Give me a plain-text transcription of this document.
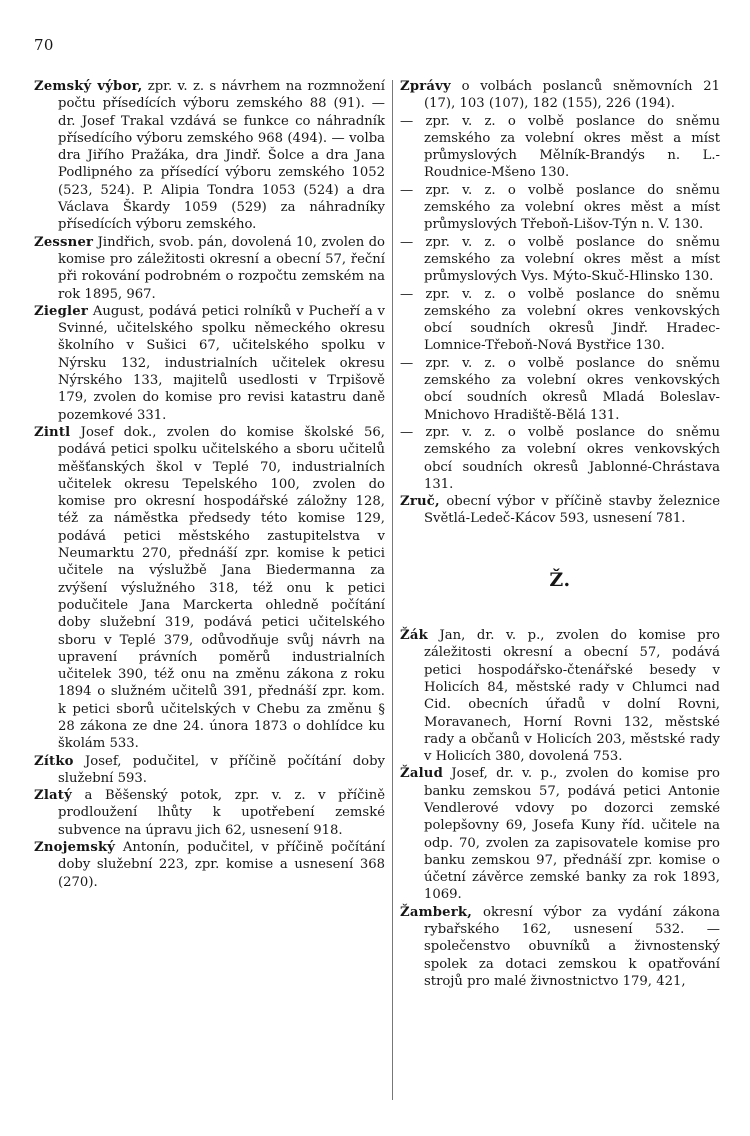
70

Zemský výbor, zpr. v. z. s návrhem na rozmnožení počtu přísedících výboru zemského 88 (91). — dr. Josef Trakal vzdává se funkce co náhradník přísedícího výboru zemského 968 (494). — volba dra Jiřího Pražáka, dra Jindř. Šolce a dra Jana Podlipného za přísedící výboru zemského 1052 (523, 524). P. Alipia Tondra 1053 (524) a dra Václava Škardy 1059 (529) za náhradníky přísedících výboru zemského.

Zessner Jindřich, svob. pán, dovolená 10, zvolen do komise pro záležitosti okresní a obecní 57, řeční při rokování podrobném o rozpočtu zemském na rok 1895, 967.

Ziegler August, podává petici rolníků v Pucheří a v Svinné, učitelského spolku německého okresu školního v Sušici 67, učitelského spolku v Nýrsku 132, industrialních učitelek okresu Nýrského 133, majitelů usedlosti v Trpišově 179, zvolen do komise pro revisi katastru daně pozemkové 331.

Zintl Josef dok., zvolen do komise školské 56, podává petici spolku učitelského a sboru učitelů měšťanských škol v Teplé 70, industrialních učitelek okresu Tepelského 100, zvolen do komise pro okresní hospodářské záložny 128, též za náměstka předsedy této komise 129, podává petici městského zastupitelstva v Neumarktu 270, přednáší zpr. komise k petici učitele na výslužbě Jana Biedermanna za zvýšení výslužného 318, též onu k petici podučitele Jana Marckerta ohledně počítání doby služební 319, podává petici učitelského sboru v Teplé 379, odůvodňuje svůj návrh na upravení právních poměrů industrialních učitelek 390, též onu na změnu zákona z roku 1894 o služném učitelů 391, přednáší zpr. kom. k petici sborů učitelských v Chebu za změnu § 28 zákona ze dne 24. února 1873 o dohlídce ku školám 533.

Zítko Josef, podučitel, v příčině počítání doby služební 593.

Zlatý a Běšenský potok, zpr. v. z. v příčině prodloužení lhůty k upotřebení zemské subvence na úpravu jich 62, usnesení 918.

Znojemský Antonín, podučitel, v příčině počítání doby služební 223, zpr. komise a usnesení 368 (270).

Zprávy o volbách poslanců sněmovních 21 (17), 103 (107), 182 (155), 226 (194).

— zpr. v. z. o volbě poslance do sněmu zemského za volební okres měst a míst průmyslových Mělník-Brandýs n. L.-Roudnice-Mšeno 130.

— zpr. v. z. o volbě poslance do sněmu zemského za volební okres měst a míst průmyslových Třeboň-Lišov-Týn n. V. 130.

— zpr. v. z. o volbě poslance do sněmu zemského za volební okres měst a míst průmyslových Vys. Mýto-Skuč-Hlinsko 130.

— zpr. v. z. o volbě poslance do sněmu zemského za volební okres venkovských obcí soudních okresů Jindř. Hradec-Lomnice-Třeboň-Nová Bystřice 130.

— zpr. v. z. o volbě poslance do sněmu zemského za volební okres venkovských obcí soudních okresů Mladá Boleslav-Mnichovo Hradiště-Bělá 131.

— zpr. v. z. o volbě poslance do sněmu zemského za volební okres venkovských obcí soudních okresů Jablonné-Chrástava 131.

Zruč, obecní výbor v příčině stavby železnice Světlá-Ledeč-Kácov 593, usnesení 781.

Ž.

Žák Jan, dr. v. p., zvolen do komise pro záležitosti okresní a obecní 57, podává petici hospodářsko-čtenářské besedy v Holicích 84, městské rady v Chlumci nad Cid. obecních úřadů v dolní Rovni, Moravanech, Horní Rovni 132, městské rady a občanů v Holicích 203, městské rady v Holicích 380, dovolená 753.

Žalud Josef, dr. v. p., zvolen do komise pro banku zemskou 57, podává petici Antonie Vendlerové vdovy po dozorci zemské polepšovny 69, Josefa Kuny říd. učitele na odp. 70, zvolen za zapisovatele komise pro banku zemskou 97, přednáší zpr. komise o účetní závěrce zemské banky za rok 1893, 1069.

Žamberk, okresní výbor za vydání zákona rybařského 162, usnesení 532. — společenstvo obuvníků a živnostenský spolek za dotaci zemskou k opatřování strojů pro malé živnostnictvo 179, 421,
